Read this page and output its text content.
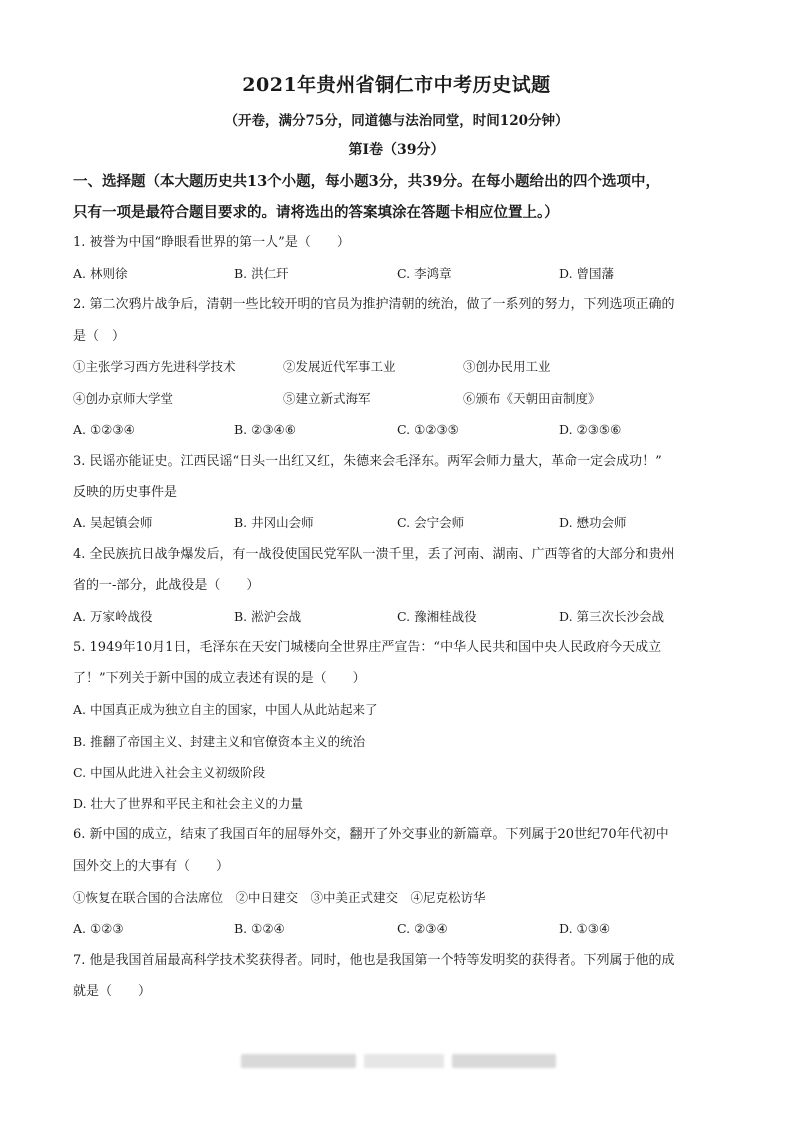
2021年贵州省铜仁市中考历史试题
（开卷，满分75分，同道德与法治同堂，时间120分钟）
第Ⅰ卷（39分）
一、选择题（本大题历史共13个小题，每小题3分，共39分。在每小题给出的四个选项中，
只有一项是最符合题目要求的。请将选出的答案填涂在答题卡相应位置上。）
1. 被誉为中国“睁眼看世界的第一人”是（　　）
A. 林则徐	B. 洪仁玕	C. 李鸿章	D. 曾国藩
2. 第二次鸦片战争后，清朝一些比较开明的官员为推护清朝的统治，做了一系列的努力，下列选项正确的
是（　）
①主张学习西方先进科学技术	②发展近代军事工业	③创办民用工业
④创办京师大学堂	⑤建立新式海军	⑥颁布《天朝田亩制度》
A. ①②③④	B. ②③④⑥	C. ①②③⑤	D. ②③⑤⑥
3. 民谣亦能证史。江西民谣“日头一出红又红，朱德来会毛泽东。两军会师力量大，革命一定会成功！”
反映的历史事件是
A. 吴起镇会师	B. 井冈山会师	C. 会宁会师	D. 懋功会师
4. 全民族抗日战争爆发后，有一战役使国民党军队一溃千里，丢了河南、湖南、广西等省的大部分和贵州
省的一-部分，此战役是（　　）
A. 万家岭战役	B. 淞沪会战	C. 豫湘桂战役	D. 第三次长沙会战
5. 1949年10月1日，毛泽东在天安门城楼向全世界庄严宣告：“中华人民共和国中央人民政府今天成立
了！”下列关于新中国的成立表述有误的是（　　）
A. 中国真正成为独立自主的国家，中国人从此站起来了
B. 推翻了帝国主义、封建主义和官僚资本主义的统治
C. 中国从此进入社会主义初级阶段
D. 壮大了世界和平民主和社会主义的力量
6. 新中国的成立，结束了我国百年的屈辱外交，翻开了外交事业的新篇章。下列属于20世纪70年代初中
国外交上的大事有（　　）
①恢复在联合国的合法席位　②中日建交　③中美正式建交　④尼克松访华
A. ①②③	B. ①②④	C. ②③④	D. ①③④
7. 他是我国首届最高科学技术奖获得者。同时，他也是我国第一个特等发明奖的获得者。下列属于他的成
就是（　　）
